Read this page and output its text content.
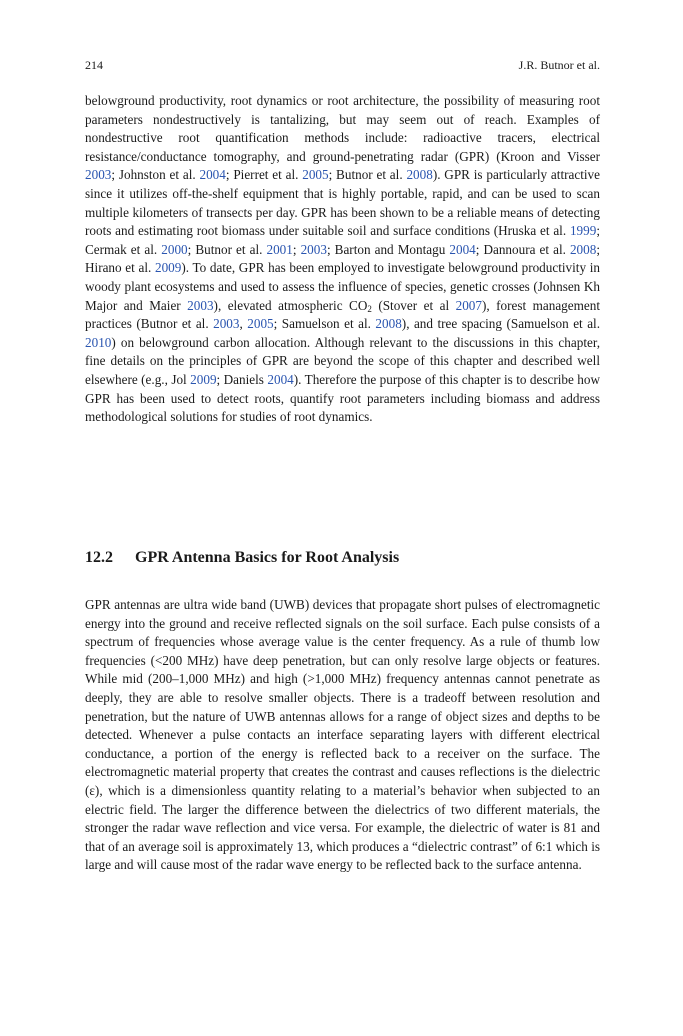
214	J.R. Butnor et al.

belowground productivity, root dynamics or root architecture, the possibility of measuring root parameters nondestructively is tantalizing, but may seem out of reach. Examples of nondestructive root quantification methods include: radioactive tracers, electrical resistance/conductance tomography, and ground-penetrating radar (GPR) (Kroon and Visser 2003; Johnston et al. 2004; Pierret et al. 2005; Butnor et al. 2008). GPR is particularly attractive since it utilizes off-the-shelf equipment that is highly portable, rapid, and can be used to scan multiple kilometers of transects per day. GPR has been shown to be a reliable means of detecting roots and estimating root biomass under suitable soil and surface conditions (Hruska et al. 1999; Cermak et al. 2000; Butnor et al. 2001; 2003; Barton and Montagu 2004; Dannoura et al. 2008; Hirano et al. 2009). To date, GPR has been employed to investigate belowground productivity in woody plant ecosystems and used to assess the influence of species, genetic crosses (Johnsen Kh Major and Maier 2003), elevated atmospheric $CO_2$ (Stover et al 2007), forest management practices (Butnor et al. 2003, 2005; Samuelson et al. 2008), and tree spacing (Samuelson et al. 2010) on belowground carbon allocation. Although relevant to the discussions in this chapter, fine details on the principles of GPR are beyond the scope of this chapter and described well elsewhere (e.g., Jol 2009; Daniels 2004). Therefore the purpose of this chapter is to describe how GPR has been used to detect roots, quantify root parameters including biomass and address methodological solutions for studies of root dynamics.

12.2 GPR Antenna Basics for Root Analysis

GPR antennas are ultra wide band (UWB) devices that propagate short pulses of electromagnetic energy into the ground and receive reflected signals on the soil surface. Each pulse consists of a spectrum of frequencies whose average value is the center frequency. As a rule of thumb low frequencies (<200 MHz) have deep penetration, but can only resolve large objects or features. While mid (200–1,000 MHz) and high (>1,000 MHz) frequency antennas cannot penetrate as deeply, they are able to resolve smaller objects. There is a tradeoff between resolution and penetration, but the nature of UWB antennas allows for a range of object sizes and depths to be detected. Whenever a pulse contacts an interface separating layers with different electrical conductance, a portion of the energy is reflected back to a receiver on the surface. The electromagnetic material property that creates the contrast and causes reflections is the dielectric (ε), which is a dimensionless quantity relating to a material’s behavior when subjected to an electric field. The larger the difference between the dielectrics of two different materials, the stronger the radar wave reflection and vice versa. For example, the dielectric of water is 81 and that of an average soil is approximately 13, which produces a “dielectric contrast” of 6:1 which is large and will cause most of the radar wave energy to be reflected back to the surface antenna.
